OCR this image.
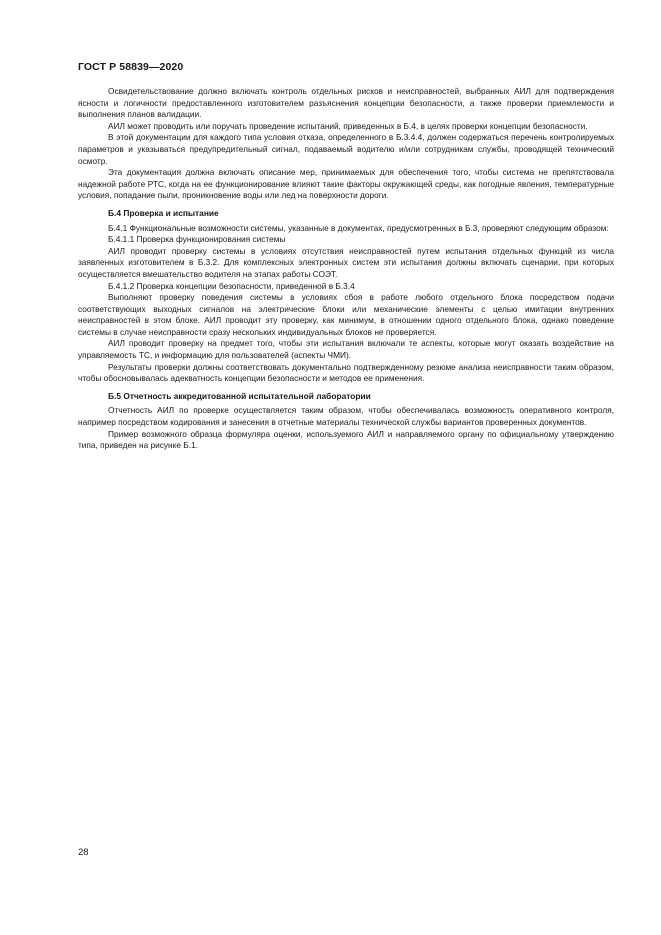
ГОСТ Р 58839—2020

Освидетельствование должно включать контроль отдельных рисков и неисправностей, выбранных АИЛ для подтверждения ясности и логичности предоставленного изготовителем разъяснения концепции безопасности, а также проверки приемлемости и выполнения планов валидации.

АИЛ может проводить или поручать проведение испытаний, приведенных в Б.4, в целях проверки концепции безопасности.

В этой документации для каждого типа условия отказа, определенного в Б.3.4.4, должен содержаться перечень контролируемых параметров и указываться предупредительный сигнал, подаваемый водителю и/или сотрудникам службы, проводящей технический осмотр.

Эта документация должна включать описание мер, принимаемых для обеспечения того, чтобы система не препятствовала надежной работе РТС, когда на ее функционирование влияют такие факторы окружающей среды, как погодные явления, температурные условия, попадание пыли, проникновение воды или лед на поверхности дороги.

Б.4 Проверка и испытание

Б.4.1 Функциональные возможности системы, указанные в документах, предусмотренных в Б.3, проверяют следующим образом:

Б.4.1.1 Проверка функционирования системы

АИЛ проводит проверку системы в условиях отсутствия неисправностей путем испытания отдельных функций из числа заявленных изготовителем в Б.3.2. Для комплексных электронных систем эти испытания должны включать сценарии, при которых осуществляется вмешательство водителя на этапах работы СОЭТ.

Б.4.1.2 Проверка концепции безопасности, приведенной в Б.3.4

Выполняют проверку поведения системы в условиях сбоя в работе любого отдельного блока посредством подачи соответствующих выходных сигналов на электрические блоки или механические элементы с целью имитации внутренних неисправностей в этом блоке. АИЛ проводит эту проверку, как минимум, в отношении одного отдельного блока, однако поведение системы в случае неисправности сразу нескольких индивидуальных блоков не проверяется.

АИЛ проводит проверку на предмет того, чтобы эти испытания включали те аспекты, которые могут оказать воздействие на управляемость ТС, и информацию для пользователей (аспекты ЧМИ).

Результаты проверки должны соответствовать документально подтвержденному резюме анализа неисправности таким образом, чтобы обосновывалась адекватность концепции безопасности и методов ее применения.

Б.5 Отчетность аккредитованной испытательной лаборатории

Отчетность АИЛ по проверке осуществляется таким образом, чтобы обеспечивалась возможность оперативного контроля, например посредством кодирования и занесения в отчетные материалы технической службы вариантов проверенных документов.

Пример возможного образца формуляра оценки, используемого АИЛ и направляемого органу по официальному утверждению типа, приведен на рисунке Б.1.

28
